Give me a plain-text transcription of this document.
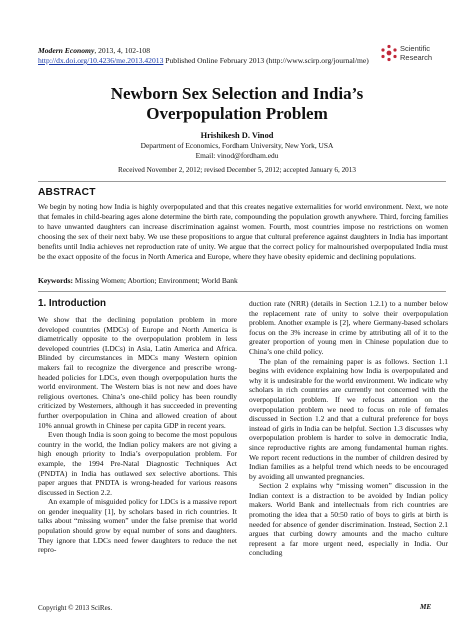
Modern Economy, 2013, 4, 102-108
http://dx.doi.org/10.4236/me.2013.42013 Published Online February 2013 (http://www.scirp.org/journal/me)
Scientific
Research
Newborn Sex Selection and India’s
Overpopulation Problem
Hrishikesh D. Vinod
Department of Economics, Fordham University, New York, USA
Email: vinod@fordham.edu
Received November 2, 2012; revised December 5, 2012; accepted January 6, 2013
ABSTRACT
We begin by noting how India is highly overpopulated and that this creates negative externalities for world environment. Next, we note that females in child-bearing ages alone determine the birth rate, compounding the population growth anywhere. Third, forcing families to have unwanted daughters can increase discrimination against women. Fourth, most countries impose no restrictions on women choosing the sex of their next baby. We use these propositions to argue that cultural preference against daughters in India has important benefits until India achieves net reproduction rate of unity. We argue that the correct policy for malnourished overpopulated India must be the exact opposite of the focus in North America and Europe, where they have obesity epidemic and declining populations.
Keywords: Missing Women; Abortion; Environment; World Bank
1. Introduction

We show that the declining population problem in more developed countries (MDCs) of Europe and North America is diametrically opposite to the overpopulation problem in less developed countries (LDCs) in Asia, Latin America and Africa. Blinded by circumstances in MDCs many Western opinion makers fail to recognize the divergence and prescribe wrong-headed policies for LDCs, even though overpopulation hurts the world environment. The Western bias is not new and does have religious overtones. China’s one-child policy has been roundly criticized by Westerners, although it has succeeded in preventing further overpopulation in China and allowed creation of about 10% annual growth in Chinese per capita GDP in recent years.

Even though India is soon going to become the most populous country in the world, the Indian policy makers are not giving a high enough priority to India’s overpopulation problem. For example, the 1994 Pre-Natal Diagnostic Techniques Act (PNDTA) in India has outlawed sex selective abortions. This paper argues that PNDTA is wrong-headed for various reasons discussed in Section 2.2.

An example of misguided policy for LDCs is a massive report on gender inequality [1], by scholars based in rich countries. It talks about “missing women” under the false premise that world population should grow by equal number of sons and daughters. They ignore that LDCs need fewer daughters to reduce the net repro-

duction rate (NRR) (details in Section 1.2.1) to a number below the replacement rate of unity to solve their overpopulation problem. Another example is [2], where Germany-based scholars focus on the 3% increase in crime by attributing all of it to the greater proportion of young men in Chinese population due to China’s one child policy.

The plan of the remaining paper is as follows. Section 1.1 begins with evidence explaining how India is overpopulated and why it is undesirable for the world environment. We indicate why scholars in rich countries are currently not concerned with the overpopulation problem. If we refocus attention on the overpopulation problem we need to focus on role of females discussed in Section 1.2 and that a cultural preference for boys instead of girls in India can be helpful. Section 1.3 discusses why overpopulation problem is harder to solve in democratic India, since reproductive rights are among fundamental human rights. We report recent reductions in the number of children desired by Indian families as a helpful trend which needs to be encouraged by avoiding all unwanted pregnancies.

Section 2 explains why “missing women” discussion in the Indian context is a distraction to be avoided by Indian policy makers. World Bank and intellectuals from rich countries are promoting the idea that a 50:50 ratio of boys to girls at birth is needed for absence of gender discrimination. Instead, Section 2.1 argues that curbing dowry amounts and the macho culture represent a far more urgent need, especially in India. Our concluding

Copyright © 2013 SciRes.	ME
